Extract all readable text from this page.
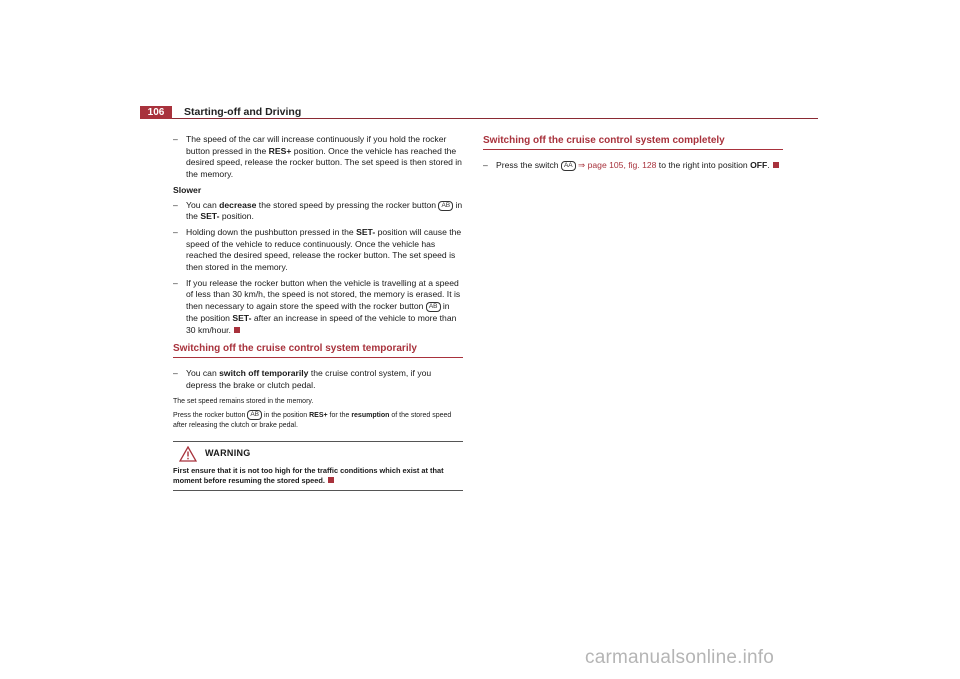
106	Starting-off and Driving
– The speed of the car will increase continuously if you hold the rocker button pressed in the RES+ position. Once the vehicle has reached the desired speed, release the rocker button. The set speed is then stored in the memory.
Slower
– You can decrease the stored speed by pressing the rocker button AB in the SET- position.
– Holding down the pushbutton pressed in the SET- position will cause the speed of the vehicle to reduce continuously. Once the vehicle has reached the desired speed, release the rocker button. The set speed is then stored in the memory.
– If you release the rocker button when the vehicle is travelling at a speed of less than 30 km/h, the speed is not stored, the memory is erased. It is then necessary to again store the speed with the rocker button AB in the position SET- after an increase in speed of the vehicle to more than 30 km/hour.
Switching off the cruise control system temporarily
– You can switch off temporarily the cruise control system, if you depress the brake or clutch pedal.

The set speed remains stored in the memory.

Press the rocker button AB in the position RES+ for the resumption of the stored speed after releasing the clutch or brake pedal.

WARNING
First ensure that it is not too high for the traffic conditions which exist at that moment before resuming the stored speed.
Switching off the cruise control system completely
– Press the switch AA ⇒ page 105, fig. 128 to the right into position OFF.
carmanualsonline.info
